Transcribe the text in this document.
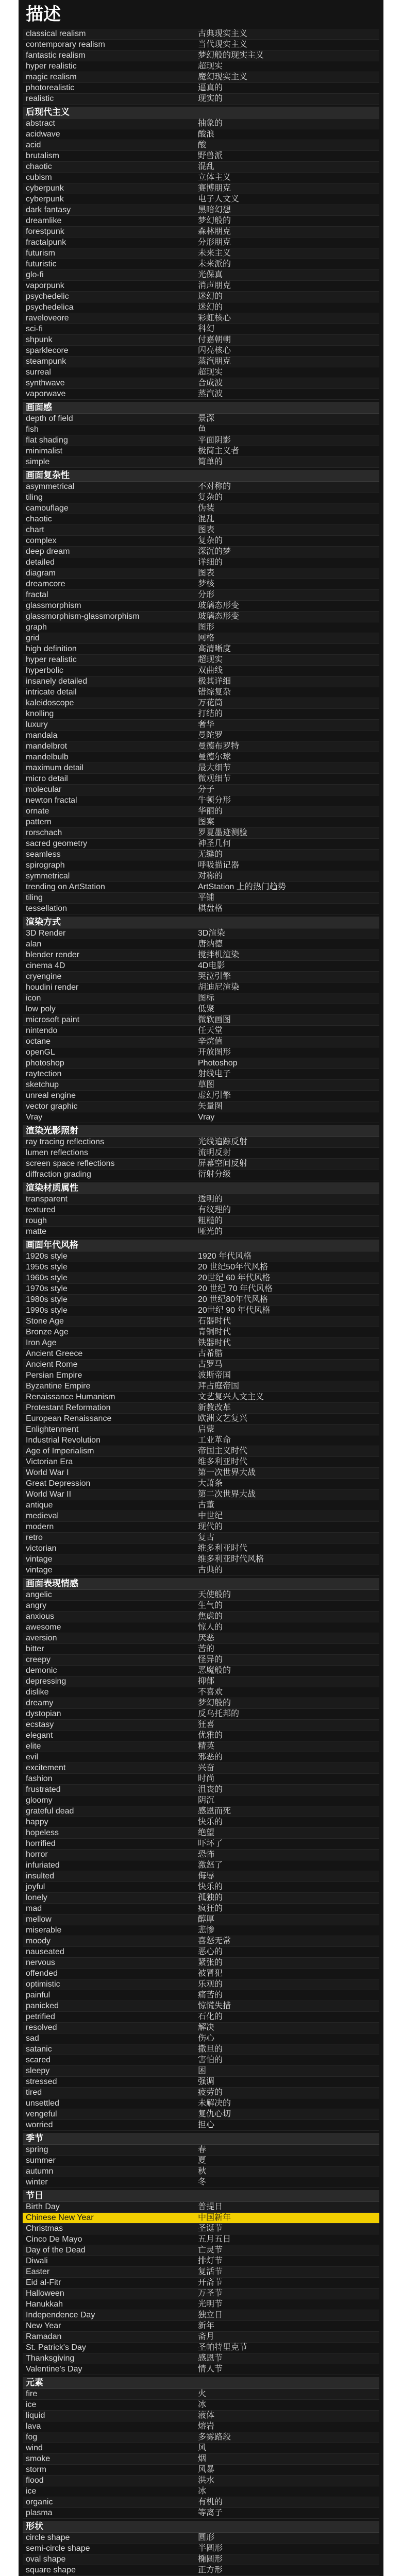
描述
classical realism	古典现实主义
contemporary realism	当代现实主义
fantastic realism	梦幻般的现实主义
hyper realistic	超现实
magic realism	魔幻现实主义
photorealistic	逼真的
realistic	现实的
后现代主义
abstract	抽象的
acidwave	酸浪
acid	酸
brutalism	野兽派
chaotic	混乱
cubism	立体主义
cyberpunk	赛博朋克
cyberpunk	电子人文义
dark fantasy	黑暗幻想
dreamlike	梦幻般的
forestpunk	森林朋克
fractalpunk	分形朋克
futurism	未来主义
futuristic	未来派的
glo-fi	光保真
vaporpunk	消声朋克
psychedelic	迷幻的
psychedelica	迷幻的
raveloveore	彩虹核心
sci-fi	科幻
shpunk	付嘉朝朝
sparklecore	闪亮核心
steampunk	蒸汽朋克
surreal	超现实
synthwave	合成波
vaporwave	蒸汽波
画面感
depth of field	景深
fish	鱼
flat shading	平面阴影
minimalist	极简主义者
simple	简单的
画面复杂性
asymmetrical	不对称的
tiling	复杂的
camouflage	伪装
chaotic	混乱
chart	图表
complex	复杂的
deep dream	深沉的梦
detailed	详细的
diagram	图表
dreamcore	梦核
fractal	分形
glassmorphism	玻璃态形变
glassmorphism-glassmorphism	玻璃态形变
graph	图形
grid	网格
high definition	高清晰度
hyper realistic	超现实
hyperbolic	双曲线
insanely detailed	极其详细
intricate detail	错综复杂
kaleidoscope	万花筒
knolling	打结的
luxury	奢华
mandala	曼陀罗
mandelbrot	曼德布罗特
mandelbulb	曼德尔球
maximum detail	最大细节
micro detail	微观细节
molecular	分子
newton fractal	牛顿分形
ornate	华丽的
pattern	图案
rorschach	罗夏墨迹测验
sacred geometry	神圣几何
seamless	无缝的
spirograph	呼吸描记器
symmetrical	对称的
trending on ArtStation	ArtStation 上的热门趋势
tiling	平铺
tessellation	棋盘格
渲染方式
3D Render	3D渲染
alan	唐纳德
blender render	搅拌机渲染
cinema 4D	4D电影
cryengine	哭泣引擎
houdini render	胡迪尼渲染
icon	图标
low poly	低聚
microsoft paint	微软画图
nintendo	任天堂
octane	辛烷值
openGL	开放图形
photoshop	Photoshop
raytection	射线电子
sketchup	草图
unreal engine	虚幻引擎
vector graphic	矢量图
Vray	Vray
渲染光影照射
ray tracing reflections	光线追踪反射
lumen reflections	流明反射
screen space reflections	屏幕空间反射
diffraction grading	衍射分级
渲染材质属性
transparent	透明的
textured	有纹理的
rough	粗糙的
matte	哑光的
画面年代风格
1920s style	1920 年代风格
1950s style	20 世纪50年代风格
1960s style	20世纪 60 年代风格
1970s style	20 世纪 70 年代风格
1980s style	20 世纪80年代风格
1990s style	20世纪 90 年代风格
Stone Age	石器时代
Bronze Age	青铜时代
Iron Age	铁器时代
Ancient Greece	古希腊
Ancient Rome	古罗马
Persian Empire	波斯帝国
Byzantine Empire	拜占庭帝国
Renaissance Humanism	文艺复兴人文主义
Protestant Reformation	新教改革
European Renaissance	欧洲文艺复兴
Enlightenment	启蒙
Industrial Revolution	工业革命
Age of Imperialism	帝国主义时代
Victorian Era	维多利亚时代
World War I	第一次世界大战
Great Depression	大萧条
World War II	第二次世界大战
antique	古董
medieval	中世纪
modern	现代的
retro	复古
victorian	维多利亚时代
vintage	维多利亚时代风格
vintage	古典的
画面表现情感
angelic	天使般的
angry	生气的
anxious	焦虑的
awesome	惊人的
aversion	厌恶
bitter	苦的
creepy	怪异的
demonic	恶魔般的
depressing	抑郁
dislike	不喜欢
dreamy	梦幻般的
dystopian	反乌托邦的
ecstasy	狂喜
elegant	优雅的
elite	精英
evil	邪恶的
excitement	兴奋
fashion	时尚
frustrated	沮丧的
gloomy	阴沉
grateful dead	感恩而死
happy	快乐的
hopeless	绝望
horrified	吓坏了
horror	恐怖
infuriated	激怒了
insulted	侮辱
joyful	快乐的
lonely	孤独的
mad	疯狂的
mellow	醇厚
miserable	悲惨
moody	喜怒无常
nauseated	恶心的
nervous	紧张的
offended	被冒犯
optimistic	乐观的
painful	痛苦的
panicked	惊慌失措
petrified	石化的
resolved	解决
sad	伤心
satanic	撒旦的
scared	害怕的
sleepy	困
stressed	强调
tired	疲劳的
unsettled	未解决的
vengeful	复仇心切
worried	担心
季节
spring	春
summer	夏
autumn	秋
winter	冬
节日
Birth Day	普提日
Chinese New Year	中国新年
Christmas	圣诞节
Cinco De Mayo	五月五日
Day of the Dead	亡灵节
Diwali	排灯节
Easter	复活节
Eid al-Fitr	开斋节
Halloween	万圣节
Hanukkah	光明节
Independence Day	独立日
New Year	新年
Ramadan	斋月
St. Patrick's Day	圣帕特里克节
Thanksgiving	感恩节
Valentine's Day	情人节
元素
fire	火
ice	冰
liquid	液体
lava	熔岩
fog	多雾路段
wind	风
smoke	烟
storm	风暴
flood	洪水
ice	冰
organic	有机的
plasma	等离子
形状
circle shape	圆形
semi-circle shape	半圆形
oval shape	椭圆形
square shape	正方形
